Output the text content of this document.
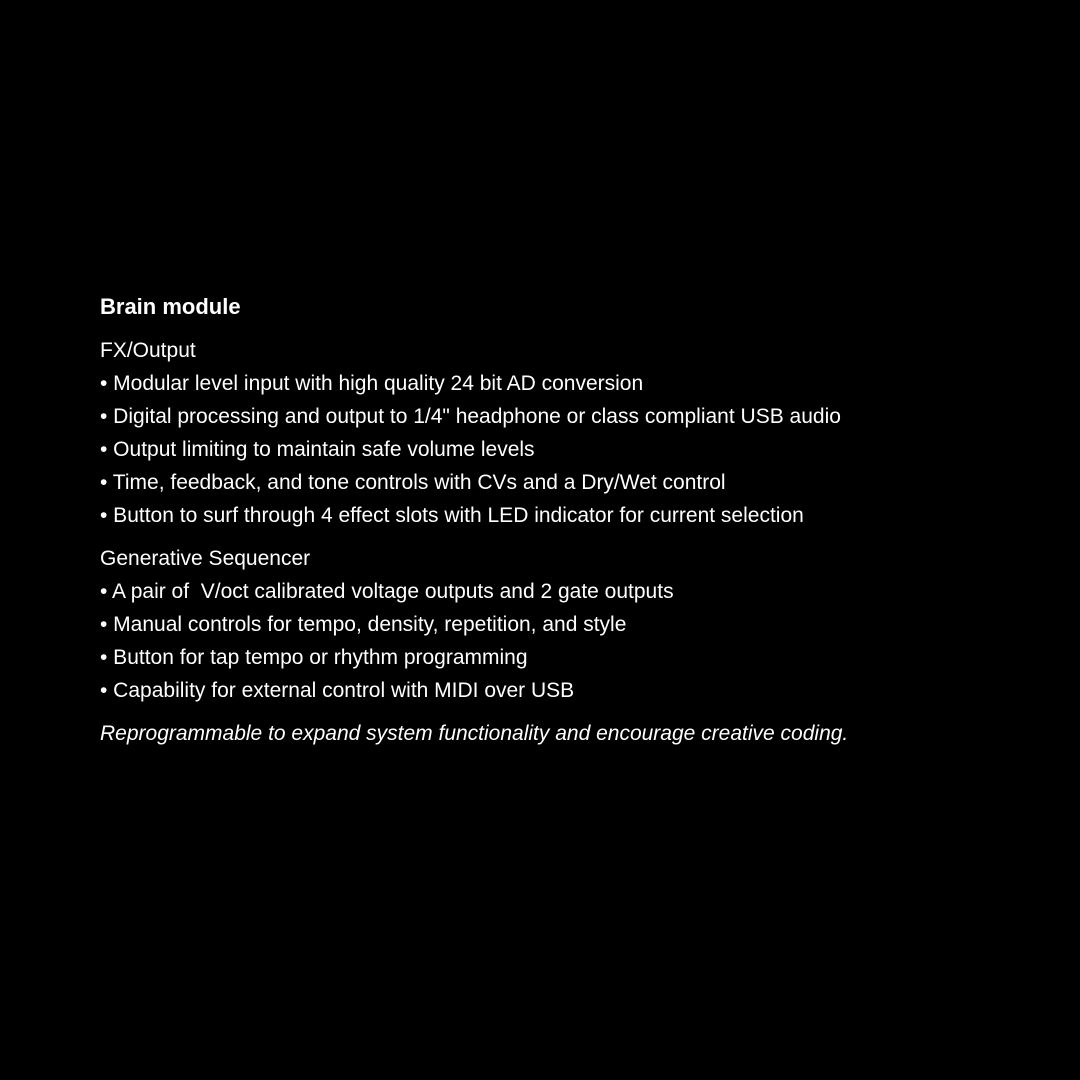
Brain module
FX/Output
• Modular level input with high quality 24 bit AD conversion
• Digital processing and output to 1/4" headphone or class compliant USB audio
• Output limiting to maintain safe volume levels
• Time, feedback, and tone controls with CVs and a Dry/Wet control
• Button to surf through 4 effect slots with LED indicator for current selection
Generative Sequencer
• A pair of  V/oct calibrated voltage outputs and 2 gate outputs
• Manual controls for tempo, density, repetition, and style
• Button for tap tempo or rhythm programming
• Capability for external control with MIDI over USB

Reprogrammable to expand system functionality and encourage creative coding.
